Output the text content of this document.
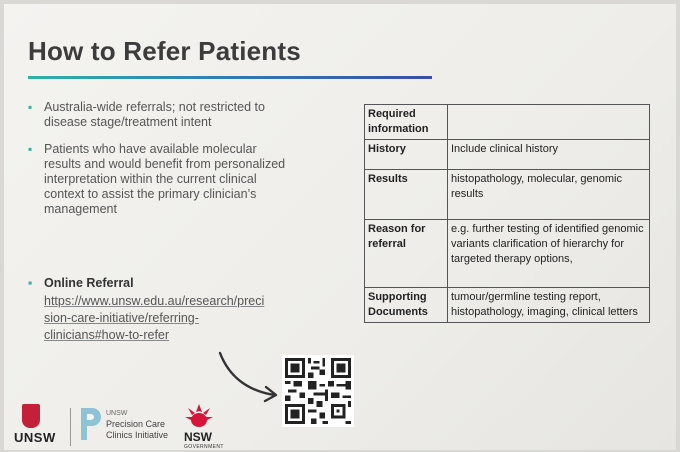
How to Refer Patients
▪ Australia-wide referrals; not restricted to disease stage/treatment intent
▪ Patients who have available molecular results and would benefit from personalized interpretation within the current clinical context to assist the primary clinician’s management
▪ Online Referral
https://www.unsw.edu.au/research/preci
sion-care-initiative/referring-
clinicians#how-to-refer
Required information	
History	Include clinical history
Results	histopathology, molecular, genomic results
Reason for referral	e.g. further testing of identified genomic variants clarification of hierarchy for targeted therapy options,
Supporting Documents	tumour/germline testing report, histopathology, imaging, clinical letters
UNSW
UNSW
Precision Care
Clinics Initiative NSW
GOVERNMENT
